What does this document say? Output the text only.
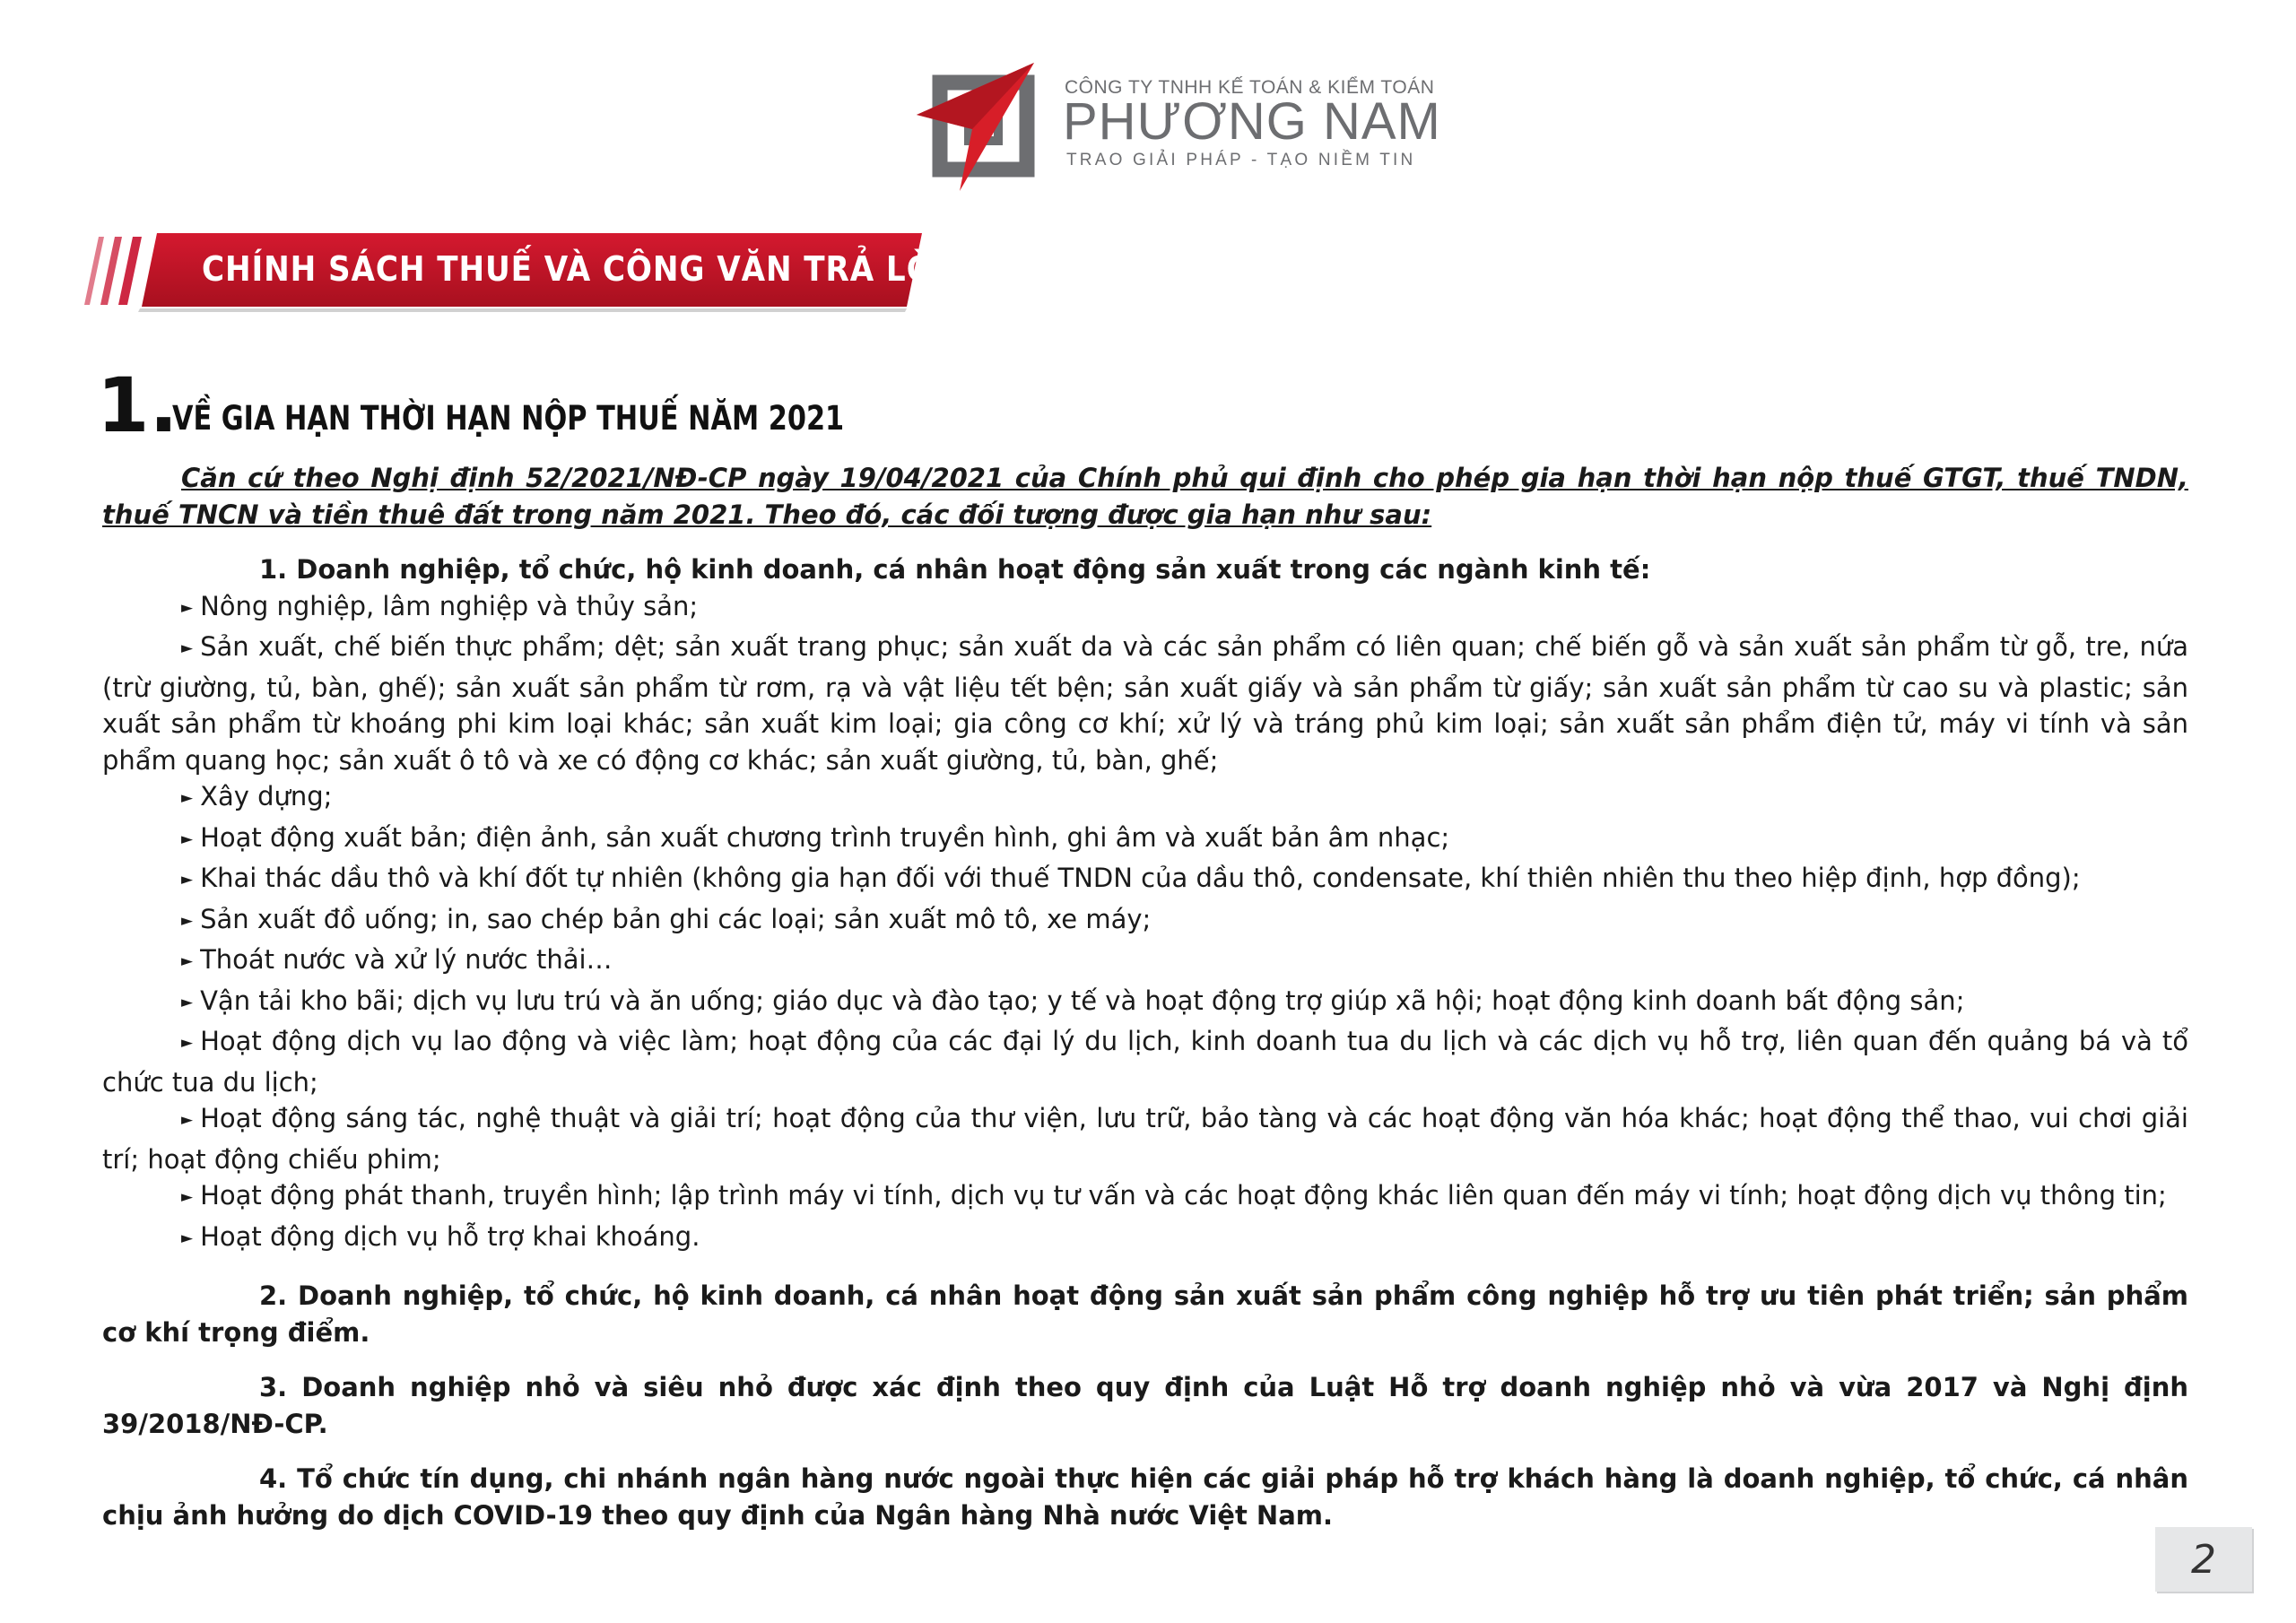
CÔNG TY TNHH KẾ TOÁN & KIỂM TOÁN
PHƯƠNG NAM
TRAO GIẢI PHÁP - TẠO NIỀM TIN
CHÍNH SÁCH THUẾ VÀ CÔNG VĂN TRẢ LỜI
1.
VỀ GIA HẠN THỜI HẠN NỘP THUẾ NĂM 2021

Căn cứ theo Nghị định 52/2021/NĐ-CP ngày 19/04/2021 của Chính phủ qui định cho phép gia hạn thời hạn nộp thuế GTGT, thuế TNDN, thuế TNCN và tiền thuê đất trong năm 2021. Theo đó, các đối tượng được gia hạn như sau:

1. Doanh nghiệp, tổ chức, hộ kinh doanh, cá nhân hoạt động sản xuất trong các ngành kinh tế:

► Nông nghiệp, lâm nghiệp và thủy sản;

► Sản xuất, chế biến thực phẩm; dệt; sản xuất trang phục; sản xuất da và các sản phẩm có liên quan; chế biến gỗ và sản xuất sản phẩm từ gỗ, tre, nứa (trừ giường, tủ, bàn, ghế); sản xuất sản phẩm từ rơm, rạ và vật liệu tết bện; sản xuất giấy và sản phẩm từ giấy; sản xuất sản phẩm từ cao su và plastic; sản xuất sản phẩm từ khoáng phi kim loại khác; sản xuất kim loại; gia công cơ khí; xử lý và tráng phủ kim loại; sản xuất sản phẩm điện tử, máy vi tính và sản phẩm quang học; sản xuất ô tô và xe có động cơ khác; sản xuất giường, tủ, bàn, ghế;

► Xây dựng;

► Hoạt động xuất bản; điện ảnh, sản xuất chương trình truyền hình, ghi âm và xuất bản âm nhạc;

► Khai thác dầu thô và khí đốt tự nhiên (không gia hạn đối với thuế TNDN của dầu thô, condensate, khí thiên nhiên thu theo hiệp định, hợp đồng);

► Sản xuất đồ uống; in, sao chép bản ghi các loại; sản xuất mô tô, xe máy;

► Thoát nước và xử lý nước thải…

► Vận tải kho bãi; dịch vụ lưu trú và ăn uống; giáo dục và đào tạo; y tế và hoạt động trợ giúp xã hội; hoạt động kinh doanh bất động sản;

► Hoạt động dịch vụ lao động và việc làm; hoạt động của các đại lý du lịch, kinh doanh tua du lịch và các dịch vụ hỗ trợ, liên quan đến quảng bá và tổ chức tua du lịch;

► Hoạt động sáng tác, nghệ thuật và giải trí; hoạt động của thư viện, lưu trữ, bảo tàng và các hoạt động văn hóa khác; hoạt động thể thao, vui chơi giải trí; hoạt động chiếu phim;

► Hoạt động phát thanh, truyền hình; lập trình máy vi tính, dịch vụ tư vấn và các hoạt động khác liên quan đến máy vi tính; hoạt động dịch vụ thông tin;

► Hoạt động dịch vụ hỗ trợ khai khoáng.

2. Doanh nghiệp, tổ chức, hộ kinh doanh, cá nhân hoạt động sản xuất sản phẩm công nghiệp hỗ trợ ưu tiên phát triển; sản phẩm cơ khí trọng điểm.

3. Doanh nghiệp nhỏ và siêu nhỏ được xác định theo quy định của Luật Hỗ trợ doanh nghiệp nhỏ và vừa 2017 và Nghị định 39/2018/NĐ-CP.

4. Tổ chức tín dụng, chi nhánh ngân hàng nước ngoài thực hiện các giải pháp hỗ trợ khách hàng là doanh nghiệp, tổ chức, cá nhân chịu ảnh hưởng do dịch COVID-19 theo quy định của Ngân hàng Nhà nước Việt Nam.

2
